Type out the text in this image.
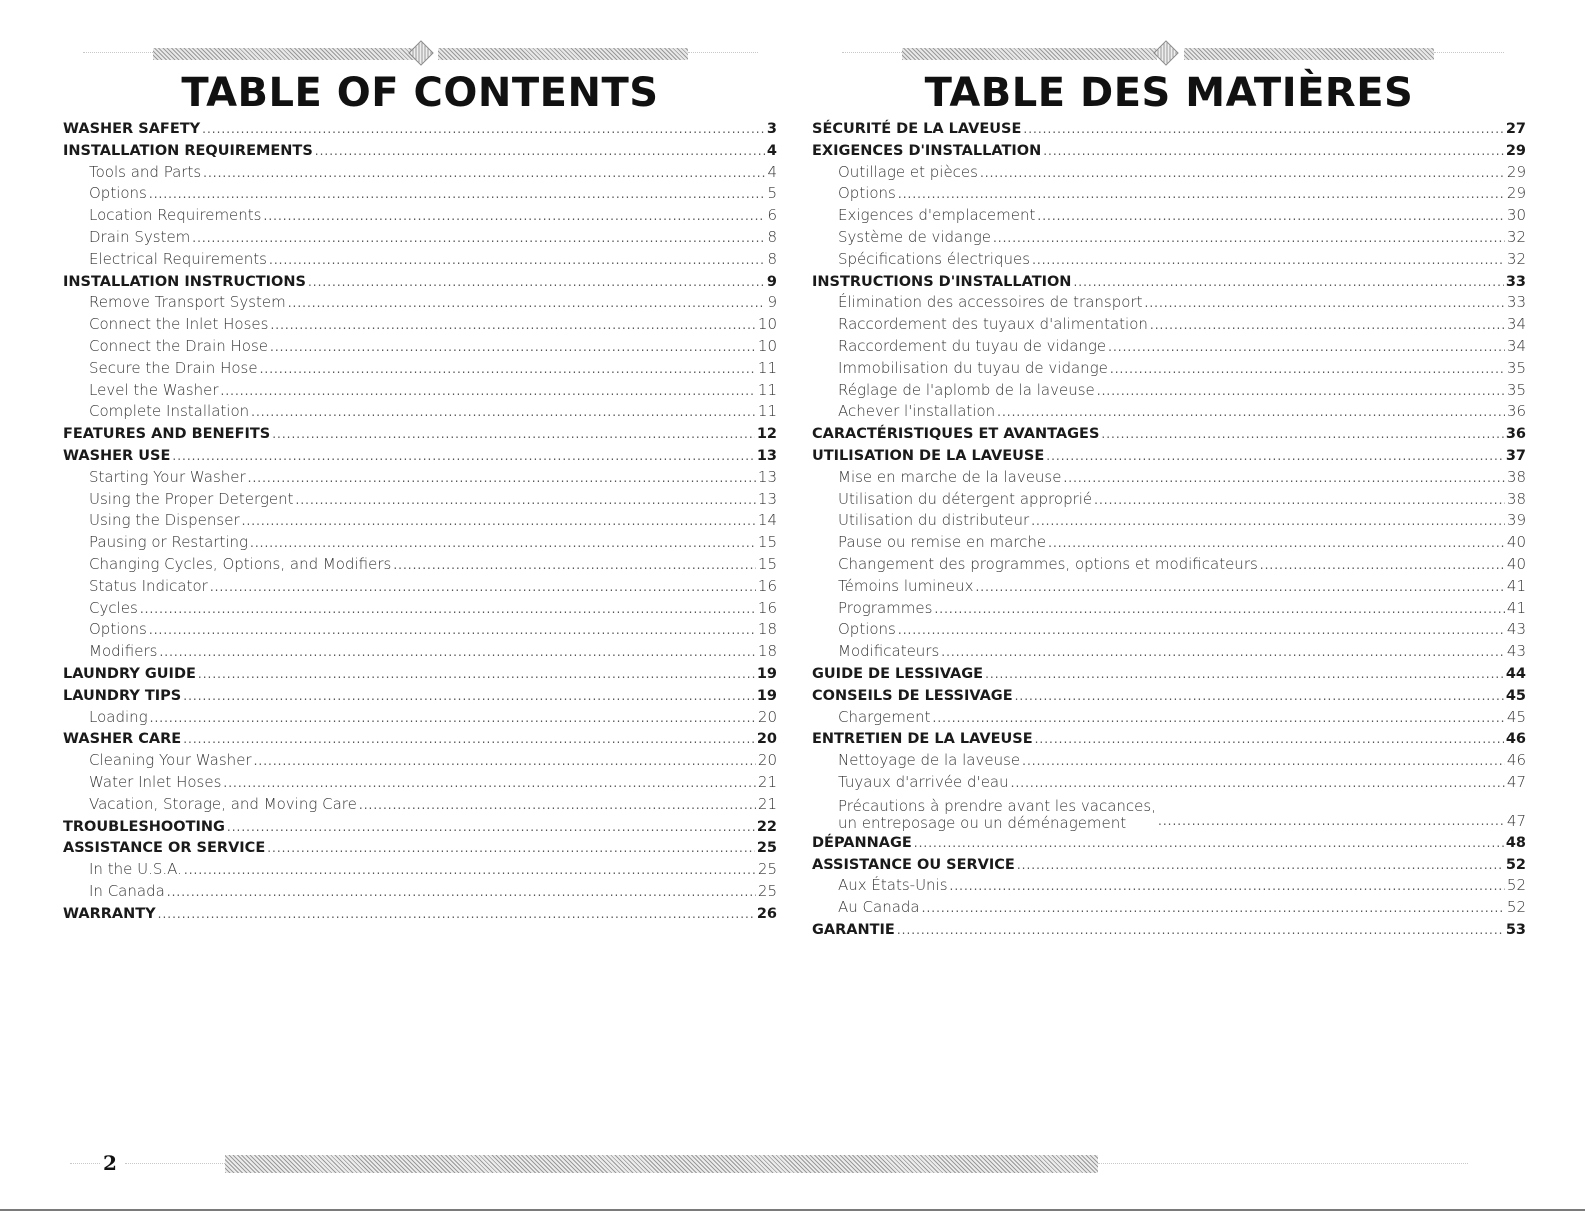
TABLE OF CONTENTS
WASHER SAFETY .....	3
INSTALLATION REQUIREMENTS .....	4
Tools and Parts .....	4
Options .....	5
Location Requirements .....	6
Drain System .....	8
Electrical Requirements .....	8
INSTALLATION INSTRUCTIONS .....	9
Remove Transport System .....	9
Connect the Inlet Hoses .....	10
Connect the Drain Hose .....	10
Secure the Drain Hose .....	11
Level the Washer .....	11
Complete Installation .....	11
FEATURES AND BENEFITS .....	12
WASHER USE .....	13
Starting Your Washer .....	13
Using the Proper Detergent .....	13
Using the Dispenser .....	14
Pausing or Restarting .....	15
Changing Cycles, Options, and Modifiers .....	15
Status Indicator .....	16
Cycles .....	16
Options .....	18
Modifiers .....	18
LAUNDRY GUIDE .....	19
LAUNDRY TIPS .....	19
Loading .....	20
WASHER CARE .....	20
Cleaning Your Washer .....	20
Water Inlet Hoses .....	21
Vacation, Storage, and Moving Care .....	21
TROUBLESHOOTING .....	22
ASSISTANCE OR SERVICE .....	25
In the U.S.A. .....	25
In Canada .....	25
WARRANTY .....	26
TABLE DES MATIÈRES
SÉCURITÉ DE LA LAVEUSE .....	27
EXIGENCES D'INSTALLATION .....	29
Outillage et pièces .....	29
Options .....	29
Exigences d'emplacement .....	30
Système de vidange .....	32
Spécifications électriques .....	32
INSTRUCTIONS D'INSTALLATION .....	33
Élimination des accessoires de transport .....	33
Raccordement des tuyaux d'alimentation .....	34
Raccordement du tuyau de vidange .....	34
Immobilisation du tuyau de vidange .....	35
Réglage de l'aplomb de la laveuse .....	35
Achever l'installation .....	36
CARACTÉRISTIQUES ET AVANTAGES .....	36
UTILISATION DE LA LAVEUSE .....	37
Mise en marche de la laveuse .....	38
Utilisation du détergent approprié .....	38
Utilisation du distributeur .....	39
Pause ou remise en marche .....	40
Changement des programmes, options et modificateurs .....	40
Témoins lumineux .....	41
Programmes .....	41
Options .....	43
Modificateurs .....	43
GUIDE DE LESSIVAGE .....	44
CONSEILS DE LESSIVAGE .....	45
Chargement .....	45
ENTRETIEN DE LA LAVEUSE .....	46
Nettoyage de la laveuse .....	46
Tuyaux d'arrivée d'eau .....	47
Précautions à prendre avant les vacances,
un entreposage ou un déménagement .....	47
DÉPANNAGE .....	48
ASSISTANCE OU SERVICE .....	52
Aux États-Unis .....	52
Au Canada .....	52
GARANTIE .....	53
2
